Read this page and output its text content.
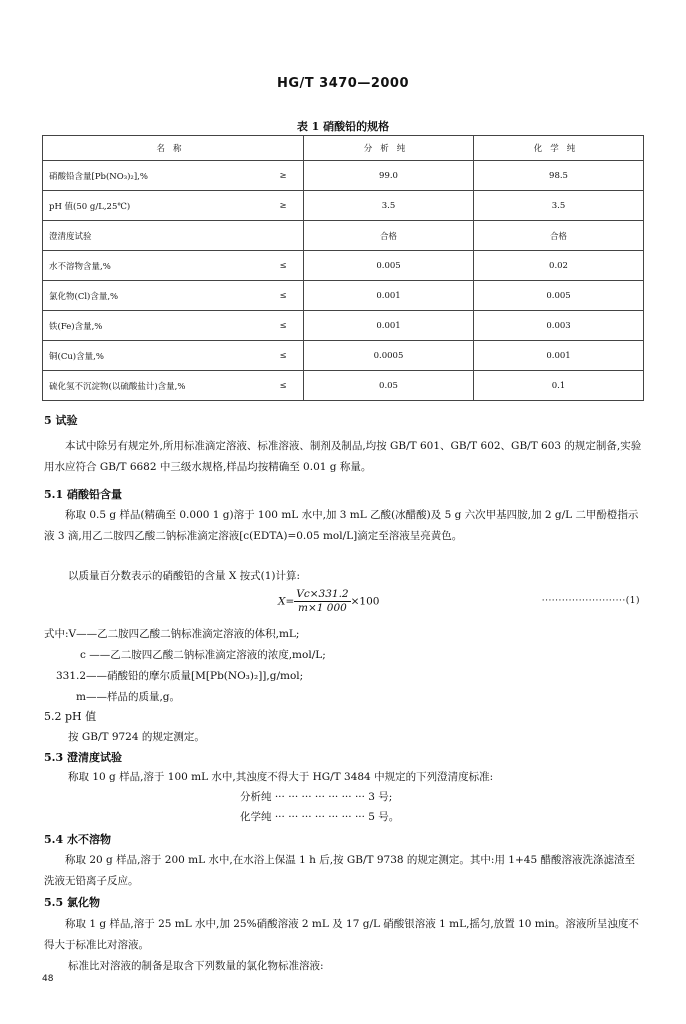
HG/T 3470—2000
表 1 硝酸铅的规格
名称		分析纯	化学纯
硝酸铅含量[Pb(NO₃)₂],%	≥	99.0	98.5
pH 值(50 g/L,25℃)	≥	3.5	3.5
澄清度试验		合格	合格
水不溶物含量,%	≤	0.005	0.02
氯化物(Cl)含量,%	≤	0.001	0.005
铁(Fe)含量,%	≤	0.001	0.003
铜(Cu)含量,%	≤	0.0005	0.001
硫化氢不沉淀物(以硫酸盐计)含量,%	≤	0.05	0.1
5 试验
本试中除另有规定外,所用标准滴定溶液、标准溶液、制剂及制品,均按 GB/T 601、GB/T 602、GB/T 603 的规定制备,实验用水应符合 GB/T 6682 中三级水规格,样品均按精确至 0.01 g 称量。
5.1 硝酸铅含量
称取 0.5 g 样品(精确至 0.000 1 g)溶于 100 mL 水中,加 3 mL 乙酸(冰醋酸)及 5 g 六次甲基四胺,加 2 g/L 二甲酚橙指示液 3 滴,用乙二胺四乙酸二钠标准滴定溶液[c(EDTA)=0.05 mol/L]滴定至溶液呈亮黄色。
以质量百分数表示的硝酸铅的含量 X 按式(1)计算:
$X= \frac{Vc\times 331.2}{m\times 1 000} \times 100$	·························(1)
式中:V——乙二胺四乙酸二钠标准滴定溶液的体积,mL;
c ——乙二胺四乙酸二钠标准滴定溶液的浓度,mol/L;
331.2——硝酸铅的摩尔质量[M[Pb(NO₃)₂]],g/mol;
m——样品的质量,g。
5.2 pH 值
按 GB/T 9724 的规定测定。
5.3 澄清度试验
称取 10 g 样品,溶于 100 mL 水中,其浊度不得大于 HG/T 3484 中规定的下列澄清度标准:
分析纯 ··· ··· ··· ··· ··· ··· ··· 3 号;
化学纯 ··· ··· ··· ··· ··· ··· ··· 5 号。
5.4 水不溶物
称取 20 g 样品,溶于 200 mL 水中,在水浴上保温 1 h 后,按 GB/T 9738 的规定测定。其中:用 1+45 醋酸溶液洗涤滤渣至洗液无铅离子反应。
5.5 氯化物
称取 1 g 样品,溶于 25 mL 水中,加 25%硝酸溶液 2 mL 及 17 g/L 硝酸银溶液 1 mL,摇匀,放置 10 min。溶液所呈浊度不得大于标准比对溶液。
标准比对溶液的制备是取含下列数量的氯化物标准溶液:
48
